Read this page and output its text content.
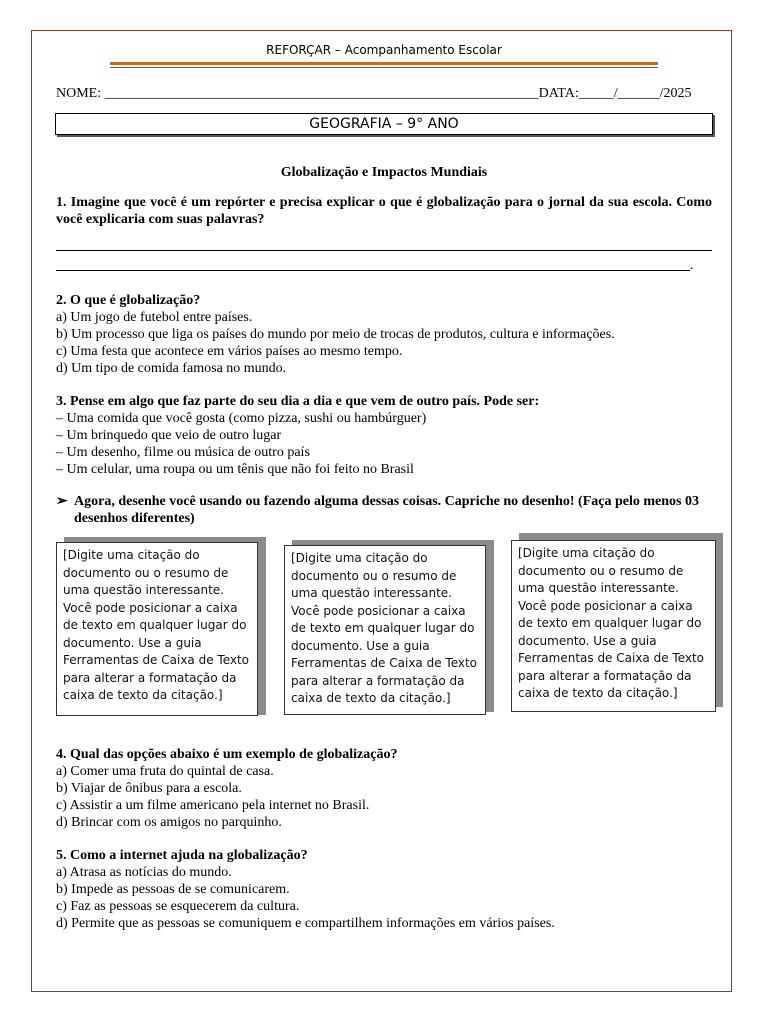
REFORÇAR – Acompanhamento Escolar
NOME: ______________________________________________________________DATA:_____/______/2025
GEOGRAFIA – 9° ANO
Globalização e Impactos Mundiais
1. Imagine que você é um repórter e precisa explicar o que é globalização para o jornal da sua escola. Como você explicaria com suas palavras?
.
2. O que é globalização?
a) Um jogo de futebol entre países.
b) Um processo que liga os países do mundo por meio de trocas de produtos, cultura e informações.
c) Uma festa que acontece em vários países ao mesmo tempo.
d) Um tipo de comida famosa no mundo.
3. Pense em algo que faz parte do seu dia a dia e que vem de outro país. Pode ser:
– Uma comida que você gosta (como pizza, sushi ou hambúrguer)
– Um brinquedo que veio de outro lugar
– Um desenho, filme ou música de outro país
– Um celular, uma roupa ou um tênis que não foi feito no Brasil
➢ Agora, desenhe você usando ou fazendo alguma dessas coisas. Capriche no desenho! (Faça pelo menos 03 desenhos diferentes)
[Digite uma citação do documento ou o resumo de uma questão interessante. Você pode posicionar a caixa de texto em qualquer lugar do documento. Use a guia Ferramentas de Caixa de Texto para alterar a formatação da caixa de texto da citação.]
[Digite uma citação do documento ou o resumo de uma questão interessante. Você pode posicionar a caixa de texto em qualquer lugar do documento. Use a guia Ferramentas de Caixa de Texto para alterar a formatação da caixa de texto da citação.]
[Digite uma citação do documento ou o resumo de uma questão interessante. Você pode posicionar a caixa de texto em qualquer lugar do documento. Use a guia Ferramentas de Caixa de Texto para alterar a formatação da caixa de texto da citação.]
4. Qual das opções abaixo é um exemplo de globalização?
a) Comer uma fruta do quintal de casa.
b) Viajar de ônibus para a escola.
c) Assistir a um filme americano pela internet no Brasil.
d) Brincar com os amigos no parquinho.
5. Como a internet ajuda na globalização?
a) Atrasa as notícias do mundo.
b) Impede as pessoas de se comunicarem.
c) Faz as pessoas se esquecerem da cultura.
d) Permite que as pessoas se comuniquem e compartilhem informações em vários países.
